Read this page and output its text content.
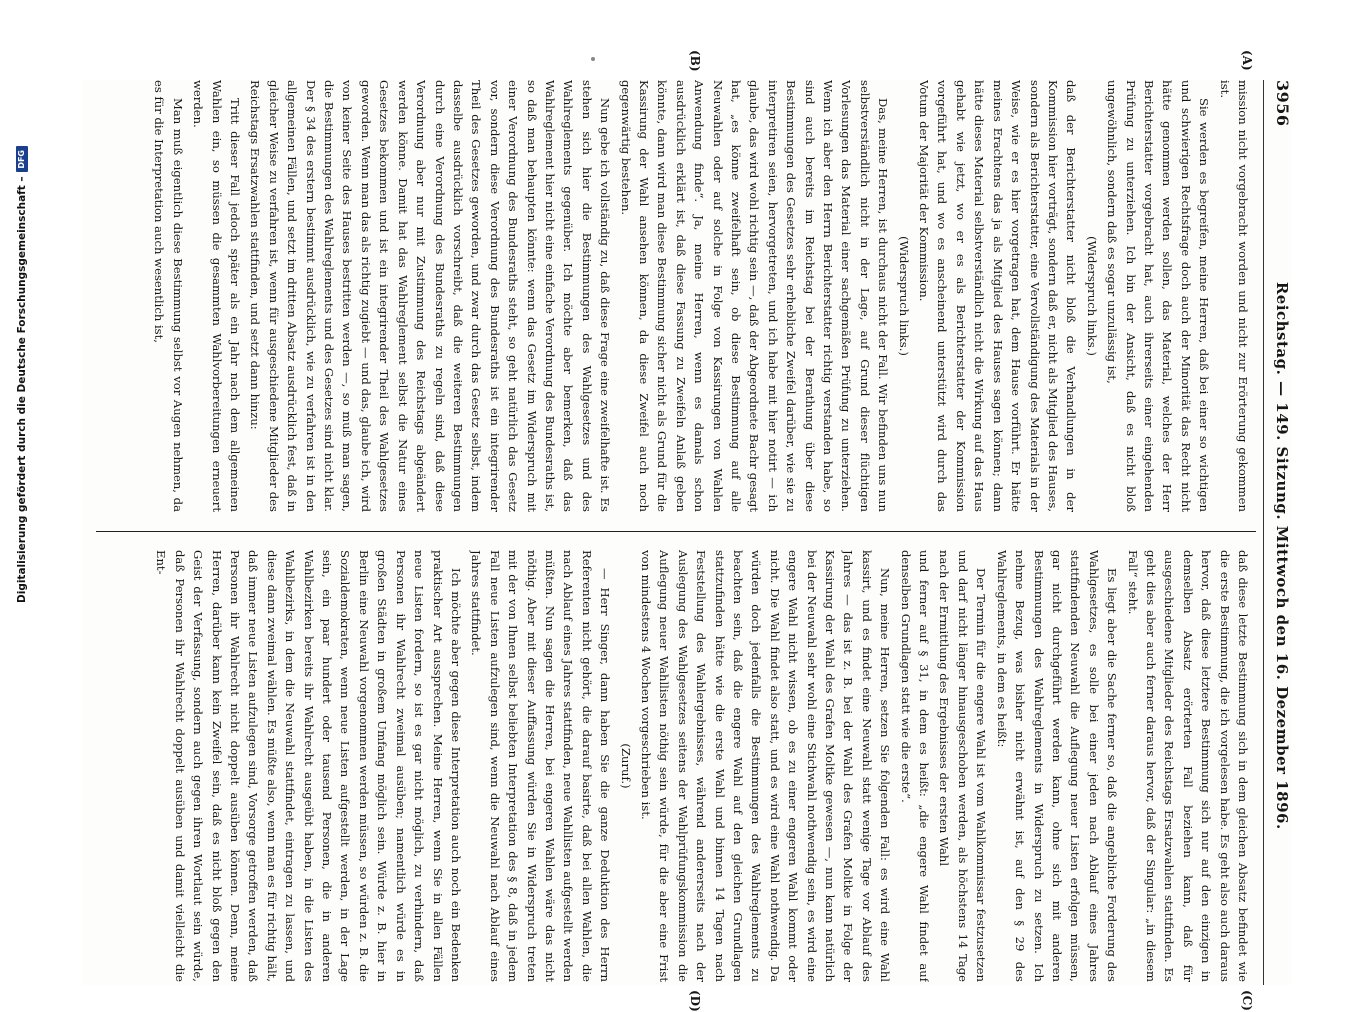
Digitalisierung gefördert durch die Deutsche Forschungsgemeinschaft –
DFG
3956
Reichstag. — 149. Sitzung. Mittwoch den 16. Dezember 1896.
(A)
(B)
(C)
(D)

mission nicht vorgebracht worden und nicht zur Erörterung gekommen ist.

Sie werden es begreifen, meine Herren, daß bei einer so wichtigen und schwierigen Rechtsfrage doch auch der Minorität das Recht nicht hätte genommen werden sollen, das Material, welches der Herr Berichterstatter vorgebracht hat, auch ihrerseits einer eingehenden Prüfung zu unterziehen. Ich bin der Ansicht, daß es nicht bloß ungewöhnlich, sondern daß es sogar unzulässig ist,

(Widerspruch links.)

daß der Berichterstatter nicht bloß die Verhandlungen in der Kommission hier vorträgt, sondern daß er, nicht als Mitglied des Hauses, sondern als Berichterstatter, eine Vervollständigung des Materials in der Weise, wie er es hier vorgetragen hat, dem Hause vorführt. Er hätte meines Erachtens das ja als Mitglied des Hauses sagen können; dann hätte dieses Material selbstverständlich nicht die Wirkung auf das Haus gehabt wie jetzt, wo er es als Berichterstatter der Kommission vorgeführt hat, und wo es anscheinend unterstützt wird durch das Votum der Majorität der Kommission.

(Widerspruch links.)

Das, meine Herren, ist durchaus nicht der Fall. Wir befinden uns nun selbstverständlich nicht in der Lage, auf Grund dieser flüchtigen Vorlesungen das Material einer sachgemäßen Prüfung zu unterziehen. Wenn ich aber den Herrn Berichterstatter richtig verstanden habe, so sind auch bereits im Reichstag bei der Berathung über diese Bestimmungen des Gesetzes sehr erhebliche Zweifel darüber, wie sie zu interpretiren seien, hervorgetreten, und ich habe mit hier notirt — ich glaube, das wird wohl richtig sein —, daß der Abgeordnete Bachr gesagt hat, „es könne zweifelhaft sein, ob diese Bestimmung auf alle Neuwahlen oder auf solche in Folge von Kassirungen von Wahlen Anwendung finde“. Ja, meine Herren, wenn es damals schon ausdrücklich erklärt ist, daß diese Fassung zu Zweifeln Anlaß geben könnte, dann wird man diese Bestimmung sicher nicht als Grund für die Kassirung der Wahl ansehen können, da diese Zweifel auch noch gegenwärtig bestehen.

Nun gebe ich vollständig zu, daß diese Frage eine zweifelhafte ist. Es stehen sich hier die Bestimmungen des Wahlgesetzes und des Wahlreglements gegenüber. Ich möchte aber bemerken, daß das Wahlreglement hier nicht eine einfache Verordnung des Bundesraths ist, so daß man behaupten könnte: wenn das Gesetz im Widerspruch mit einer Verordnung des Bundesraths steht, so geht natürlich das Gesetz vor, sondern diese Verordnung des Bundesraths ist ein integrirender Theil des Gesetzes geworden, und zwar durch das Gesetz selbst, indem dasselbe ausdrücklich vorschreibt, daß die weiteren Bestimmungen durch eine Verordnung des Bundesraths zu regeln sind, daß diese Verordnung aber nur mit Zustimmung des Reichstags abgeändert werden könne. Damit hat das Wahlreglement selbst die Natur eines Gesetzes bekommen und ist ein integrirender Theil des Wahlgesetzes geworden. Wenn man das als richtig zugiebt — und das, glaube ich, wird von keiner Seite des Hauses bestritten werden —, so muß man sagen, die Bestimmungen des Wahlreglements und des Gesetzes sind nicht klar. Der § 34 des erstern bestimmt ausdrücklich, wie zu verfahren ist in den allgemeinen Fällen, und setzt im dritten Absatz ausdrücklich fest, daß in gleicher Weise zu verfahren ist, wenn für ausgeschiedene Mitglieder des Reichstags Ersatzwahlen stattfinden, und setzt dann hinzu:

Tritt dieser Fall jedoch später als ein Jahr nach dem allgemeinen Wahlen ein, so müssen die gesammten Wahlvorbereitungen erneuert werden.

Man muß eigentlich diese Bestimmung selbst vor Augen nehmen, da es für die Interpretation auch wesentlich ist,

daß diese letzte Bestimmung sich in dem gleichen Absatz befindet wie die erste Bestimmung, die ich vorgelesen habe. Es geht also auch daraus hervor, daß diese letztere Bestimmung sich nur auf den einzigen in demselben Absatz erörterten Fall beziehen kann, daß für ausgeschiedene Mitglieder des Reichstags Ersatzwahlen stattfinden. Es geht dies aber auch ferner daraus hervor, daß der Singular: „in diesem Fall“ steht.

Es liegt aber die Sache ferner so, daß die angebliche Forderung des Wahlgesetzes, es solle bei einer jeden nach Ablauf eines Jahres stattfindenden Neuwahl die Auflegung neuer Listen erfolgen müssen, gar nicht durchgeführt werden kann, ohne sich mit anderen Bestimmungen des Wahlreglements in Widerspruch zu setzen. Ich nehme Bezug, was bisher nicht erwähnt ist, auf den § 29 des Wahlreglements, in dem es heißt:

Der Termin für die engere Wahl ist vom Wahlkommissar festzusetzen und darf nicht länger hinausgeschoben werden, als höchstens 14 Tage nach der Ermittlung des Ergebnisses der ersten Wahl

und ferner auf § 31, in dem es heißt: „die engere Wahl findet auf denselben Grundlagen statt wie die erste“.

Nun, meine Herren, setzen Sie folgenden Fall: es wird eine Wahl kassirt, und es findet eine Neuwahl statt wenige Tage vor Ablauf des Jahres — das ist z. B. bei der Wahl des Grafen Moltke in Folge der Kassirung der Wahl des Grafen Moltke gewesen —, nun kann natürlich bei der Neuwahl sehr wohl eine Stichwahl nothwendig sein, es wird eine engere Wahl nicht wissen, ob es zu einer engeren Wahl kommt oder nicht. Die Wahl findet also statt, und es wird eine Wahl nothwendig. Da würden doch jedenfalls die Bestimmungen des Wahlreglements zu beachten sein, daß die engere Wahl auf den gleichen Grundlagen stattzufinden hätte wie die erste Wahl und binnen 14 Tagen nach Feststellung des Wahlergebnisses, während andererseits nach der Auslegung des Wahlgesetzes seitens der Wahlprüfungskommission die Auflegung neuer Wahllisten nöthig sein würde, für die aber eine Frist von mindestens 4 Wochen vorgeschrieben ist.

(Zuruf.)

— Herr Singer, dann haben Sie die ganze Deduktion des Herrn Referenten nicht gehört, die darauf basirte, daß bei allen Wahlen, die nach Ablauf eines Jahres stattfinden, neue Wahllisten aufgestellt werden müßten. Nun sagen die Herren, bei engeren Wahlen wäre das nicht nöthig. Aber mit dieser Auffassung würden Sie in Widerspruch treten mit der von Ihnen selbst beliebten Interpretation des § 8, daß in jedem Fall neue Listen aufzulegen sind, wenn die Neuwahl nach Ablauf eines Jahres stattfindet.

Ich möchte aber gegen diese Interpretation auch noch ein Bedenken praktischer Art aussprechen. Meine Herren, wenn Sie in allen Fällen neue Listen fordern, so ist es gar nicht möglich, zu verhindern, daß Personen ihr Wahlrecht zweimal ausüben; namentlich würde es in großen Städten in großem Umfang möglich sein. Würde z. B. hier in Berlin eine Neuwahl vorgenommen werden müssen, so würden z. B. die Sozialdemokraten, wenn neue Listen aufgestellt werden, in der Lage sein, ein paar hundert oder tausend Personen, die in anderen Wahlbezirken bereits ihr Wahlrecht ausgeübt haben, in die Listen des Wahlbezirks, in dem die Neuwahl stattfindet, eintragen zu lassen, und diese dann zweimal wählen. Es müßte also, wenn man es für richtig hält, daß immer neue Listen aufzulegen sind, Vorsorge getroffen werden, daß Personen ihr Wahlrecht nicht doppelt ausüben können. Denn, meine Herren, darüber kann kein Zweifel sein, daß es nicht bloß gegen den Geist der Verfassung, sondern auch gegen ihren Wortlaut sein würde, daß Personen ihr Wahlrecht doppelt ausüben und damit vielleicht die Ent-
